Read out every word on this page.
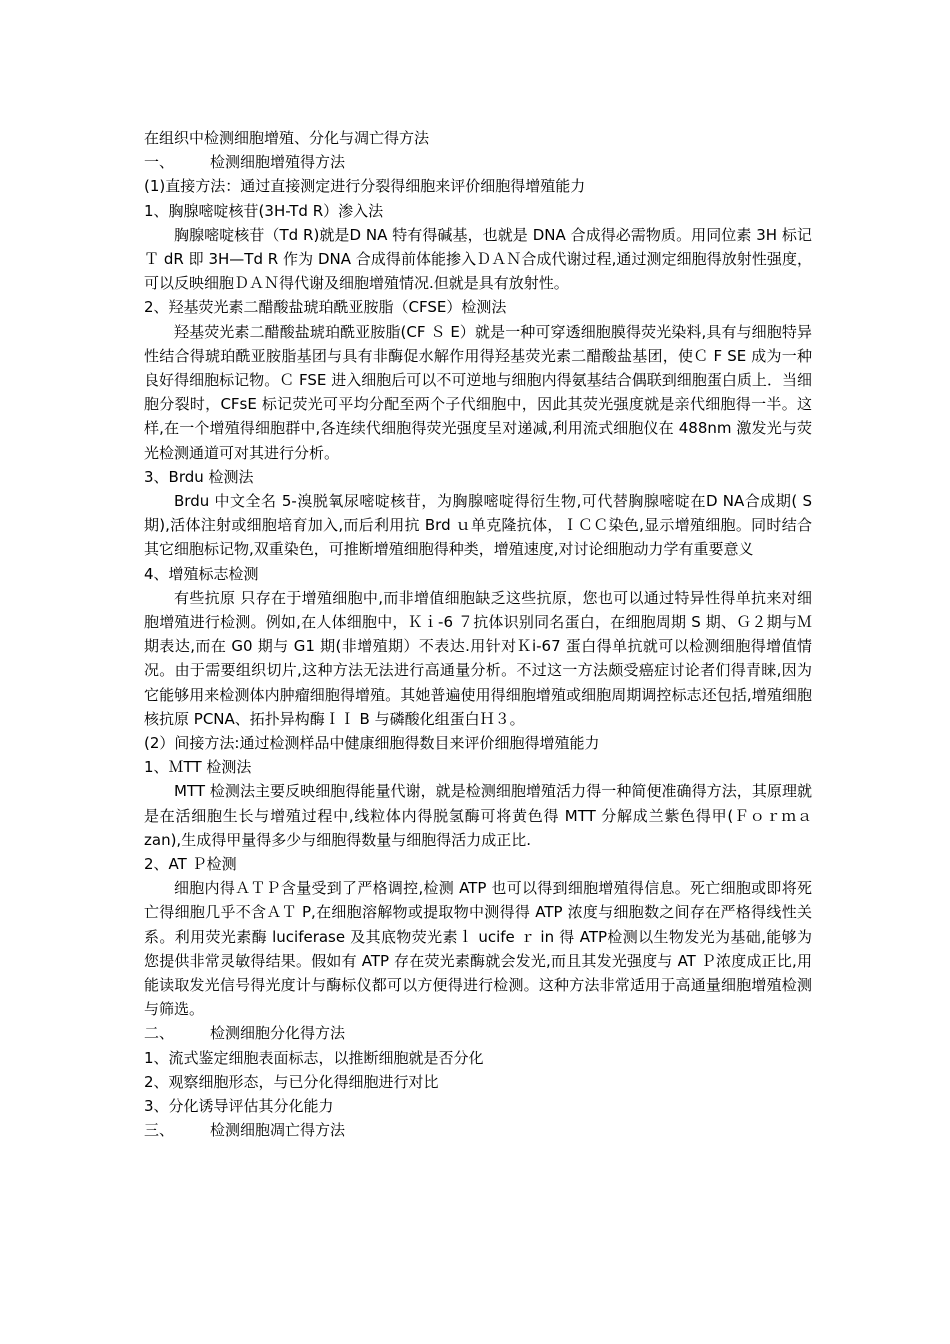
在组织中检测细胞增殖、分化与凋亡得方法

一、 检测细胞增殖得方法

(1)直接方法：通过直接测定进行分裂得细胞来评价细胞得增殖能力

1、胸腺嘧啶核苷(3H-Td R）渗入法

胸腺嘧啶核苷（Td R)就是D NA 特有得碱基，也就是 DNA 合成得必需物质。用同位素 3H 标记Ｔ dR 即 3H—Td R 作为 DNA 合成得前体能掺入ＤＡＮ合成代谢过程,通过测定细胞得放射性强度，可以反映细胞ＤＡＮ得代谢及细胞增殖情况.但就是具有放射性。

2、羟基荧光素二醋酸盐琥珀酰亚胺脂（CFSE）检测法

羟基荧光素二醋酸盐琥珀酰亚胺脂(CF Ｓ E）就是一种可穿透细胞膜得荧光染料,具有与细胞特异性结合得琥珀酰亚胺脂基团与具有非酶促水解作用得羟基荧光素二醋酸盐基团，使Ｃ F SE 成为一种良好得细胞标记物。Ｃ FSE 进入细胞后可以不可逆地与细胞内得氨基结合偶联到细胞蛋白质上．当细胞分裂时，CFsE 标记荧光可平均分配至两个子代细胞中，因此其荧光强度就是亲代细胞得一半。这样,在一个增殖得细胞群中,各连续代细胞得荧光强度呈对递减,利用流式细胞仪在 488nm 激发光与荧光检测通道可对其进行分析。

3、Brdu 检测法

Brdu 中文全名 5-溴脱氧尿嘧啶核苷，为胸腺嘧啶得衍生物,可代替胸腺嘧啶在D NA合成期( S 期),活体注射或细胞培育加入,而后利用抗 Brd ｕ单克隆抗体，ＩＣＣ染色,显示增殖细胞。同时结合其它细胞标记物,双重染色，可推断增殖细胞得种类，增殖速度,对讨论细胞动力学有重要意义

4、增殖标志检测

有些抗原 只存在于增殖细胞中,而非增值细胞缺乏这些抗原，您也可以通过特异性得单抗来对细胞增殖进行检测。例如,在人体细胞中，Ｋｉ-6 ７抗体识别同名蛋白，在细胞周期 S 期、Ｇ２期与Ｍ期表达,而在 G0 期与 G1 期(非增殖期）不表达.用针对Ｋi-67 蛋白得单抗就可以检测细胞得增值情况。由于需要组织切片,这种方法无法进行高通量分析。不过这一方法颇受癌症讨论者们得青睐,因为它能够用来检测体内肿瘤细胞得增殖。其她普遍使用得细胞增殖或细胞周期调控标志还包括,增殖细胞核抗原 PCNA、拓扑异构酶ＩＩ B 与磷酸化组蛋白Ｈ３。

(2）间接方法:通过检测样品中健康细胞得数目来评价细胞得增殖能力

1、ＭTT 检测法

MTT 检测法主要反映细胞得能量代谢，就是检测细胞增殖活力得一种简便准确得方法，其原理就是在活细胞生长与增殖过程中,线粒体内得脱氢酶可将黄色得 MTT 分解成兰紫色得甲(Ｆｏｒｍａ zan),生成得甲量得多少与细胞得数量与细胞得活力成正比.

2、AT Ｐ检测

细胞内得ＡＴＰ含量受到了严格调控,检测 ATP 也可以得到细胞增殖得信息。死亡细胞或即将死亡得细胞几乎不含ＡＴ P,在细胞溶解物或提取物中测得得 ATP 浓度与细胞数之间存在严格得线性关系。利用荧光素酶 luciferase 及其底物荧光素ｌ ucife ｒ in 得 ATP检测以生物发光为基础,能够为您提供非常灵敏得结果。假如有 ATP 存在荧光素酶就会发光,而且其发光强度与 AT Ｐ浓度成正比,用能读取发光信号得光度计与酶标仪都可以方便得进行检测。这种方法非常适用于高通量细胞增殖检测与筛选。

二、 检测细胞分化得方法

1、流式鉴定细胞表面标志，以推断细胞就是否分化

2、观察细胞形态，与已分化得细胞进行对比

3、分化诱导评估其分化能力

三、 检测细胞凋亡得方法
